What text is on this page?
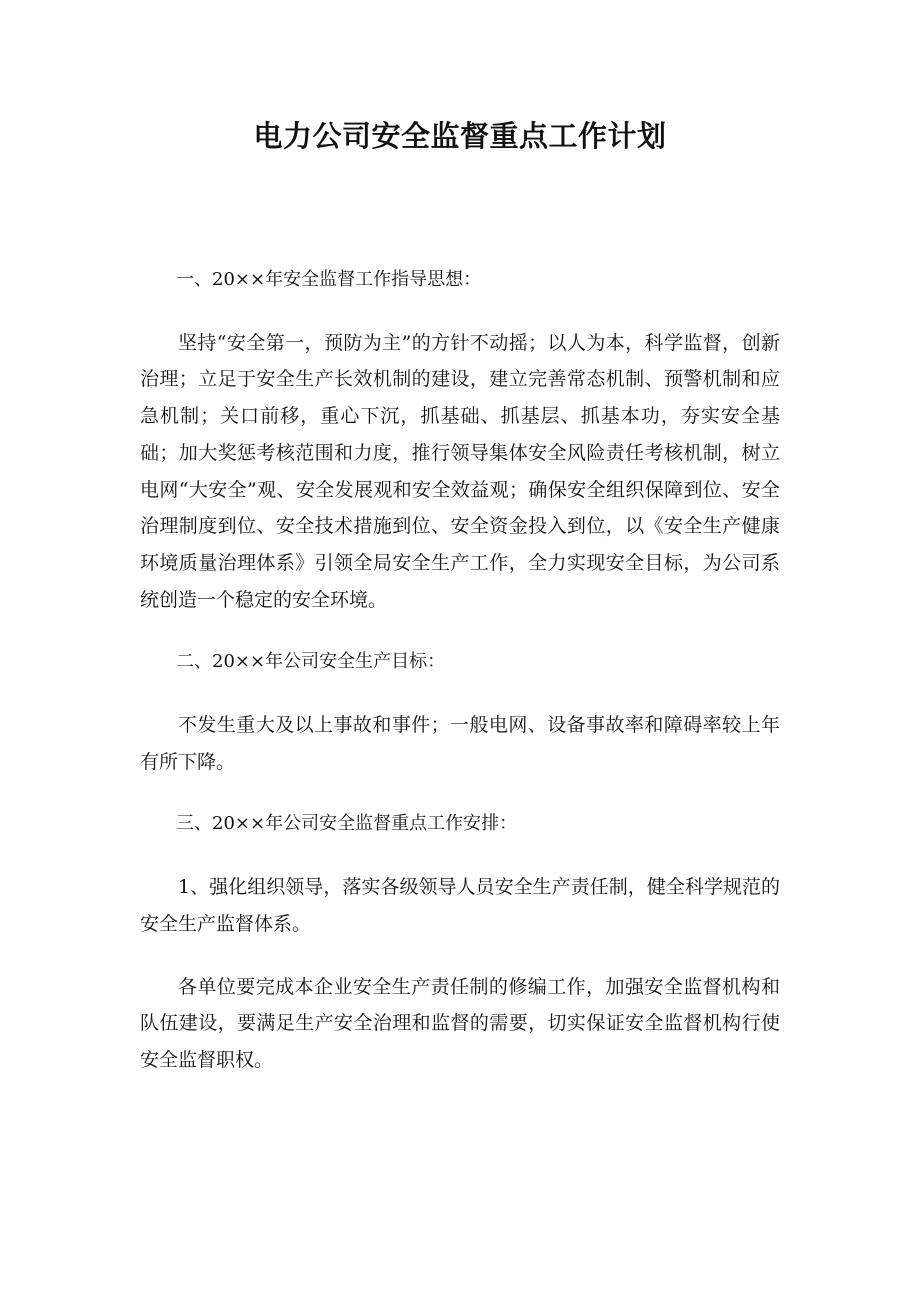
电力公司安全监督重点工作计划

一、20××年安全监督工作指导思想：

坚持“安全第一，预防为主”的方针不动摇；以人为本，科学监督，创新治理；立足于安全生产长效机制的建设，建立完善常态机制、预警机制和应急机制；关口前移，重心下沉，抓基础、抓基层、抓基本功，夯实安全基础；加大奖惩考核范围和力度，推行领导集体安全风险责任考核机制，树立电网“大安全”观、安全发展观和安全效益观；确保安全组织保障到位、安全治理制度到位、安全技术措施到位、安全资金投入到位，以《安全生产健康环境质量治理体系》引领全局安全生产工作，全力实现安全目标，为公司系统创造一个稳定的安全环境。

二、20××年公司安全生产目标：

不发生重大及以上事故和事件；一般电网、设备事故率和障碍率较上年有所下降。

三、20××年公司安全监督重点工作安排：

1、强化组织领导，落实各级领导人员安全生产责任制，健全科学规范的安全生产监督体系。

各单位要完成本企业安全生产责任制的修编工作，加强安全监督机构和队伍建设，要满足生产安全治理和监督的需要，切实保证安全监督机构行使安全监督职权。
